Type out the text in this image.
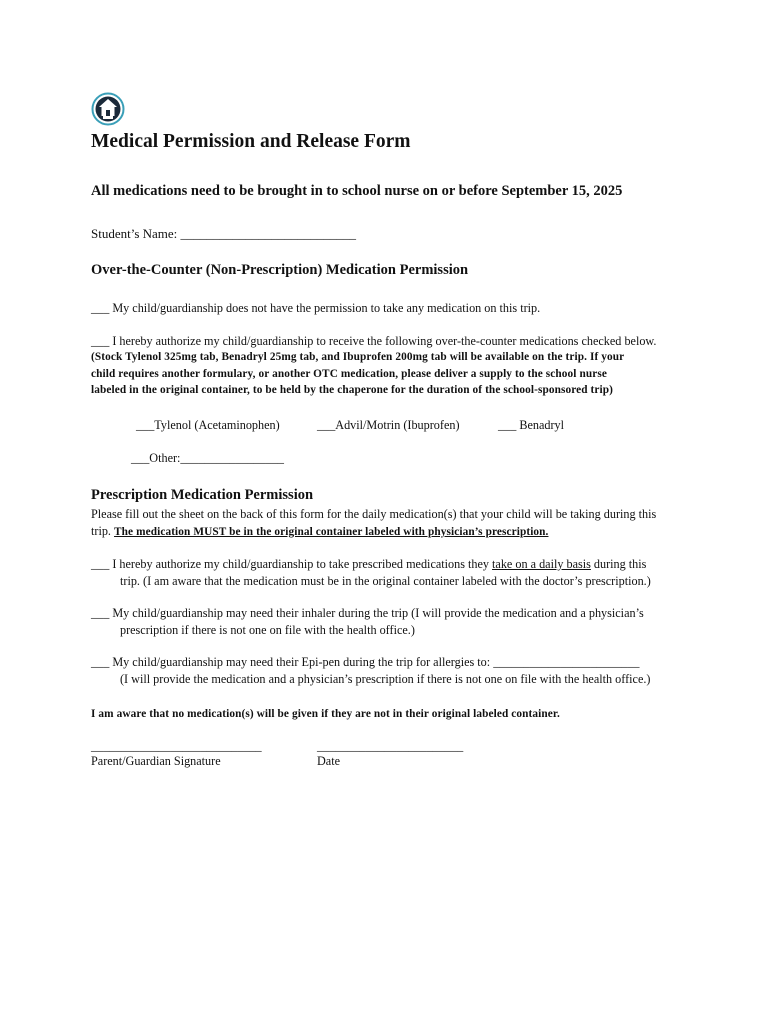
Medical Permission and Release Form
All medications need to be brought in to school nurse on or before September 15, 2025
Student’s Name: ___________________________
Over-the-Counter (Non-Prescription) Medication Permission
___ My child/guardianship does not have the permission to take any medication on this trip.
___ I hereby authorize my child/guardianship to receive the following over-the-counter medications checked below.
(Stock Tylenol 325mg tab, Benadryl 25mg tab, and Ibuprofen 200mg tab will be available on the trip. If your
child requires another formulary, or another OTC medication, please deliver a supply to the school nurse
labeled in the original container, to be held by the chaperone for the duration of the school-sponsored trip)
___Tylenol (Acetaminophen)	___Advil/Motrin (Ibuprofen)	___ Benadryl
___Other:_________________
Prescription Medication Permission
Please fill out the sheet on the back of this form for the daily medication(s) that your child will be taking during this
trip. The medication MUST be in the original container labeled with physician’s prescription.
___ I hereby authorize my child/guardianship to take prescribed medications they take on a daily basis during this
trip. (I am aware that the medication must be in the original container labeled with the doctor’s prescription.)
___ My child/guardianship may need their inhaler during the trip (I will provide the medication and a physician’s
prescription if there is not one on file with the health office.)
___ My child/guardianship may need their Epi-pen during the trip for allergies to: ________________________
(I will provide the medication and a physician’s prescription if there is not one on file with the health office.)
I am aware that no medication(s) will be given if they are not in their original labeled container.
____________________________
Parent/Guardian Signature
________________________
Date
